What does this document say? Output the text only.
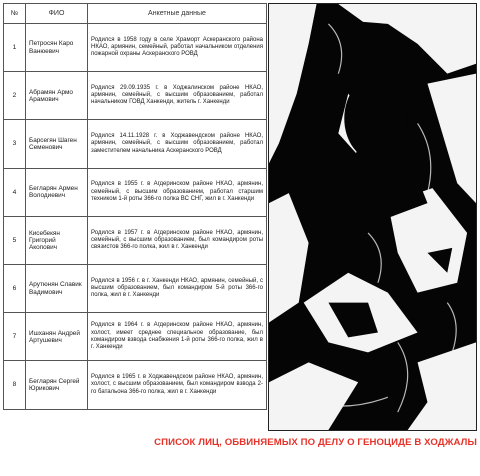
№	ФИО	Анкетные данные
1	Петросян Каро Ванюевич	Родился в 1958 году в селе Храморт Аскеранского района НКАО, армянин, семейный, работал начальником отделения пожарной охраны Аскеранского РОВД
2	Абрамян Армо Арамович	Родился 29.09.1935 г. в Ходжалинском районе НКАО, армянин, семейный, с высшим образованием, работал начальником ГОВД Ханкенди, житель г. Ханкенди
3	Барсегян Шаген Семенович	Родился 14.11.1928 г. в Ходжавендском районе НКАО, армянин, семейный, с высшим образованием, работал заместителем начальника Аскеранского РОВД
4	Бегларян Армен Володиевич	Родился в 1955 г. в Агдеринском районе НКАО, армянин, семейный, с высшим образованием, работал старшим техником 1-й роты 366-го полка ВС СНГ, жил в г. Ханкенди
5	Кисебекян Григорий Акопович	Родился в 1957 г. в Агдеринском районе НКАО, армянин, семейный, с высшим образованием, был командиром роты связистов 366-го полка, жил в г. Ханкенди
6	Арутюнян Славик Вадимович	Родился в 1956 г. в г. Ханкенди НКАО, армянин, семейный, с высшим образованием, был командиром 5-й роты 366-го полка, жил в г. Ханкенди
7	Ишханян Андрей Артушевич	Родился в 1964 г. в Агдеринском районе НКАО, армянин, холост, имеет среднее специальное образование, был командиром взвода снабжения 1-й роты 366-го полка, жил в г. Ханкенди
8	Бегларян Сергей Юрикович	Родился в 1965 г. в Ходжавендском районе НКАО, армянин, холост, с высшим образованием, был командиром взвода 2-го батальона 366-го полка, жил в г. Ханкенди
СПИСОК ЛИЦ, ОБВИНЯЕМЫХ ПО ДЕЛУ О ГЕНОЦИДЕ В ХОДЖАЛЫ
